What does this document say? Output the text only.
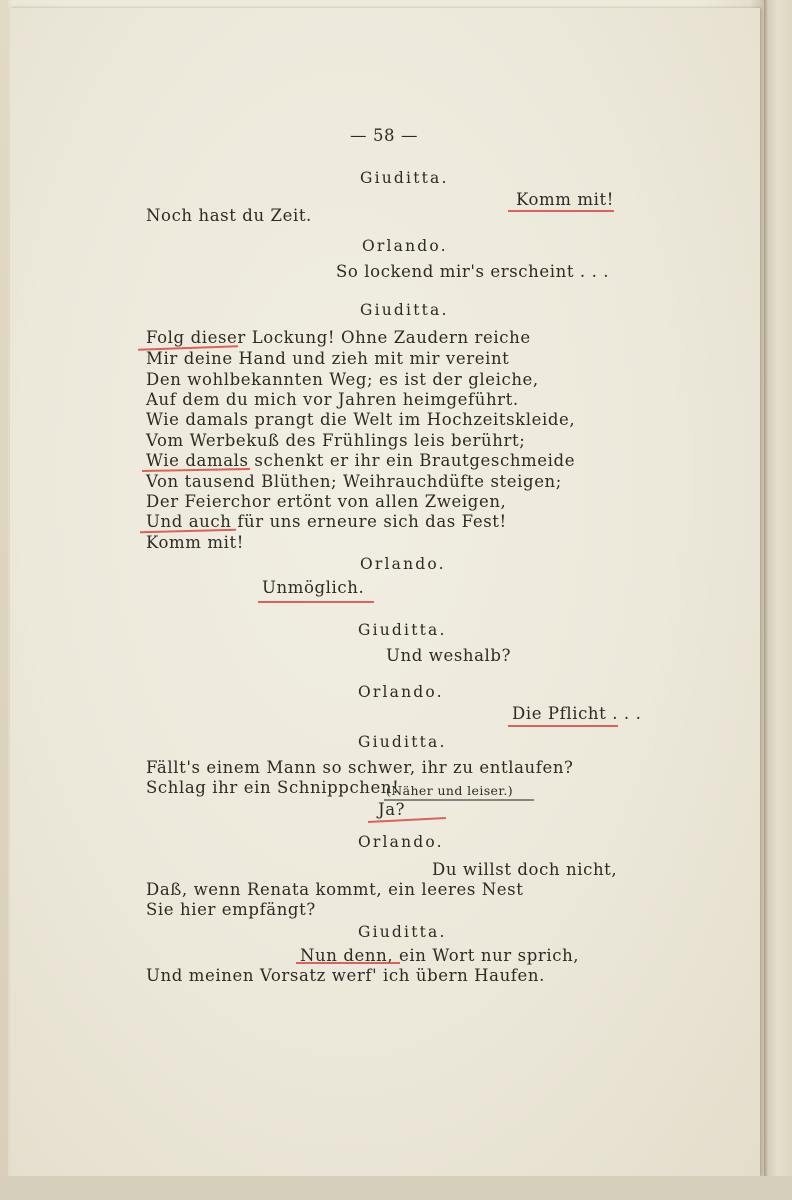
— 58 —
Giuditta.
Komm mit!
Noch hast du Zeit.
Orlando.
So lockend mir's erscheint . . .
Giuditta.
Folg dieser Lockung! Ohne Zaudern reiche
Mir deine Hand und zieh mit mir vereint
Den wohlbekannten Weg; es ist der gleiche,
Auf dem du mich vor Jahren heimgeführt.
Wie damals prangt die Welt im Hochzeitskleide,
Vom Werbekuß des Frühlings leis berührt;
Wie damals schenkt er ihr ein Brautgeschmeide
Von tausend Blüthen; Weihrauchdüfte steigen;
Der Feierchor ertönt von allen Zweigen,
Und auch für uns erneure sich das Fest!
Komm mit!
Orlando.
Unmöglich.
Giuditta.
Und weshalb?
Orlando.
Die Pflicht . . .
Giuditta.
Fällt's einem Mann so schwer, ihr zu entlaufen?
Schlag ihr ein Schnippchen!
(Näher und leiser.)
Ja?
Orlando.
Du willst doch nicht,
Daß, wenn Renata kommt, ein leeres Nest
Sie hier empfängt?
Giuditta.
Nun denn, ein Wort nur sprich,
Und meinen Vorsatz werf' ich übern Haufen.
